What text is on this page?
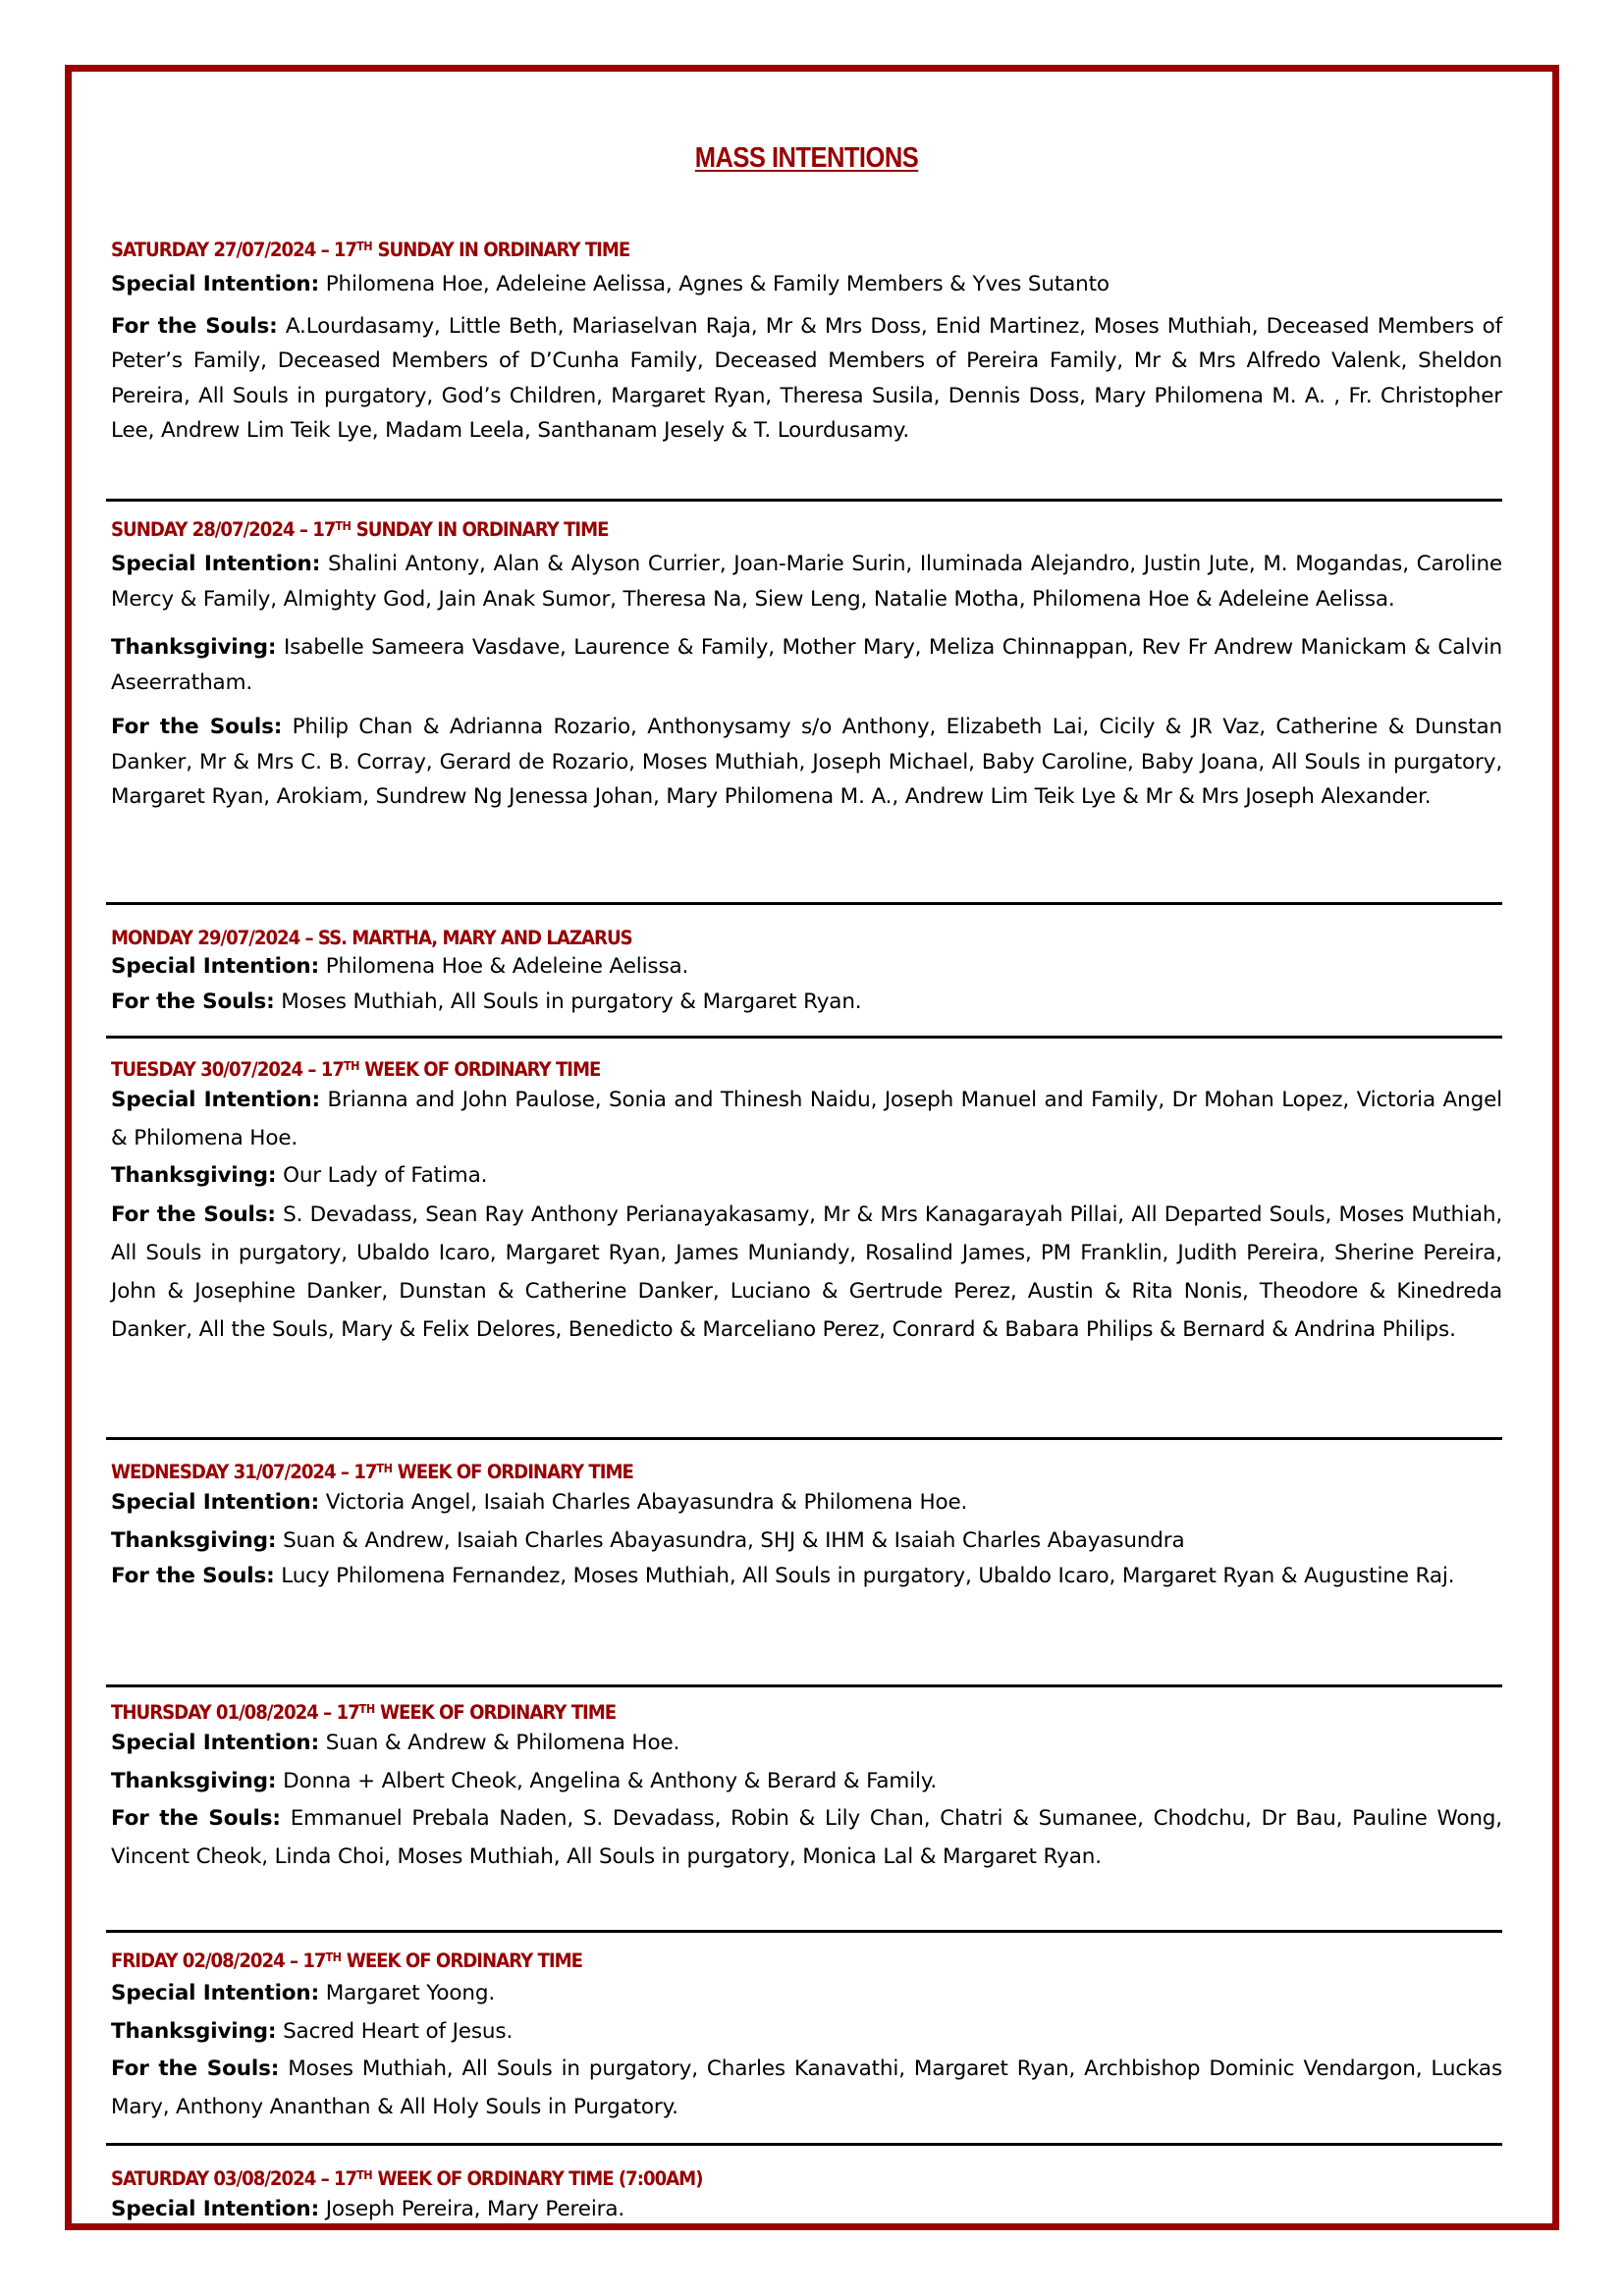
MASS INTENTIONS
SATURDAY 27/07/2024 – 17TH SUNDAY IN ORDINARY TIME
Special Intention: Philomena Hoe, Adeleine Aelissa, Agnes & Family Members & Yves Sutanto
For the Souls: A.Lourdasamy, Little Beth, Mariaselvan Raja, Mr & Mrs Doss, Enid Martinez, Moses Muthiah, Deceased Members of Peter’s Family, Deceased Members of D’Cunha Family, Deceased Members of Pereira Family, Mr & Mrs Alfredo Valenk, Sheldon Pereira, All Souls in purgatory, God’s Children, Margaret Ryan, Theresa Susila, Dennis Doss, Mary Philomena M. A. , Fr. Christopher Lee, Andrew Lim Teik Lye, Madam Leela, Santhanam Jesely & T. Lourdusamy.
SUNDAY 28/07/2024 – 17TH SUNDAY IN ORDINARY TIME
Special Intention: Shalini Antony, Alan & Alyson Currier, Joan-Marie Surin, Iluminada Alejandro, Justin Jute, M. Mogandas, Caroline Mercy & Family, Almighty God, Jain Anak Sumor, Theresa Na, Siew Leng, Natalie Motha, Philomena Hoe & Adeleine Aelissa.
Thanksgiving: Isabelle Sameera Vasdave, Laurence & Family, Mother Mary, Meliza Chinnappan, Rev Fr Andrew Manickam & Calvin Aseerratham.
For the Souls: Philip Chan & Adrianna Rozario, Anthonysamy s/o Anthony, Elizabeth Lai, Cicily & JR Vaz, Catherine & Dunstan Danker, Mr & Mrs C. B. Corray, Gerard de Rozario, Moses Muthiah, Joseph Michael, Baby Caroline, Baby Joana, All Souls in purgatory, Margaret Ryan, Arokiam, Sundrew Ng Jenessa Johan, Mary Philomena M. A., Andrew Lim Teik Lye & Mr & Mrs Joseph Alexander.
MONDAY 29/07/2024 – SS. MARTHA, MARY AND LAZARUS
Special Intention: Philomena Hoe & Adeleine Aelissa.
For the Souls: Moses Muthiah, All Souls in purgatory & Margaret Ryan.
TUESDAY 30/07/2024 – 17TH WEEK OF ORDINARY TIME
Special Intention: Brianna and John Paulose, Sonia and Thinesh Naidu, Joseph Manuel and Family, Dr Mohan Lopez, Victoria Angel & Philomena Hoe.
Thanksgiving: Our Lady of Fatima.
For the Souls: S. Devadass, Sean Ray Anthony Perianayakasamy, Mr & Mrs Kanagarayah Pillai, All Departed Souls, Moses Muthiah, All Souls in purgatory, Ubaldo Icaro, Margaret Ryan, James Muniandy, Rosalind James, PM Franklin, Judith Pereira, Sherine Pereira, John & Josephine Danker, Dunstan & Catherine Danker, Luciano & Gertrude Perez, Austin & Rita Nonis, Theodore & Kinedreda Danker, All the Souls, Mary & Felix Delores, Benedicto & Marceliano Perez, Conrard & Babara Philips & Bernard & Andrina Philips.
WEDNESDAY 31/07/2024 – 17TH WEEK OF ORDINARY TIME
Special Intention: Victoria Angel, Isaiah Charles Abayasundra & Philomena Hoe.
Thanksgiving: Suan & Andrew, Isaiah Charles Abayasundra, SHJ & IHM & Isaiah Charles Abayasundra
For the Souls: Lucy Philomena Fernandez, Moses Muthiah, All Souls in purgatory, Ubaldo Icaro, Margaret Ryan & Augustine Raj.
THURSDAY 01/08/2024 – 17TH WEEK OF ORDINARY TIME
Special Intention: Suan & Andrew & Philomena Hoe.
Thanksgiving: Donna + Albert Cheok, Angelina & Anthony & Berard & Family.
For the Souls: Emmanuel Prebala Naden, S. Devadass, Robin & Lily Chan, Chatri & Sumanee, Chodchu, Dr Bau, Pauline Wong, Vincent Cheok, Linda Choi, Moses Muthiah, All Souls in purgatory, Monica Lal & Margaret Ryan.
FRIDAY 02/08/2024 – 17TH WEEK OF ORDINARY TIME
Special Intention: Margaret Yoong.
Thanksgiving: Sacred Heart of Jesus.
For the Souls: Moses Muthiah, All Souls in purgatory, Charles Kanavathi, Margaret Ryan, Archbishop Dominic Vendargon, Luckas Mary, Anthony Ananthan & All Holy Souls in Purgatory.
SATURDAY 03/08/2024 – 17TH WEEK OF ORDINARY TIME (7:00AM)
Special Intention: Joseph Pereira, Mary Pereira.
